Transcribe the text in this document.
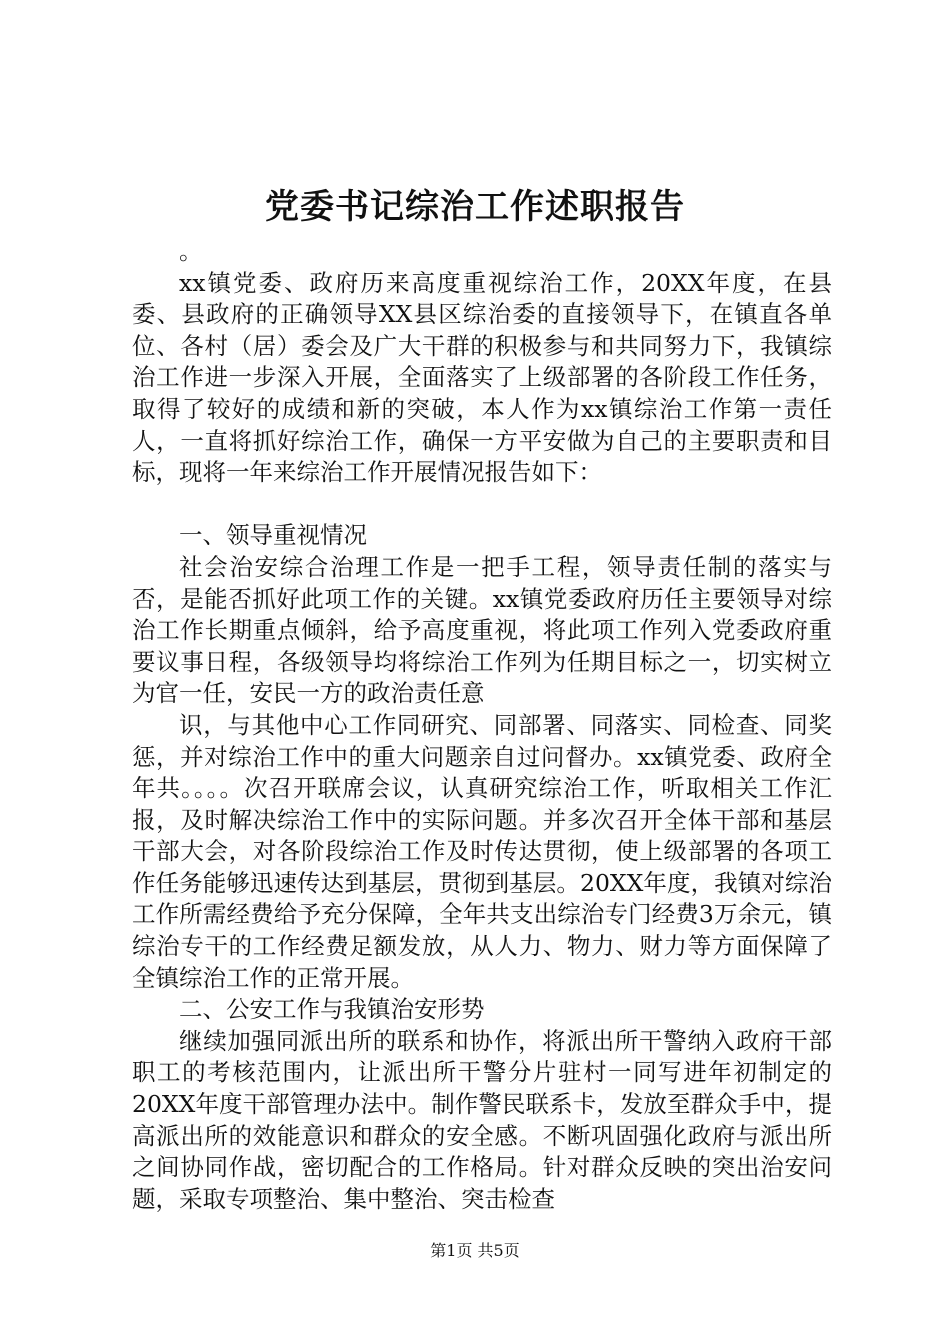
党委书记综治工作述职报告

。

xx镇党委、政府历来高度重视综治工作，20XX年度，在县委、县政府的正确领导XX县区综治委的直接领导下，在镇直各单位、各村（居）委会及广大干群的积极参与和共同努力下，我镇综治工作进一步深入开展，全面落实了上级部署的各阶段工作任务，取得了较好的成绩和新的突破，本人作为xx镇综治工作第一责任人，一直将抓好综治工作，确保一方平安做为自己的主要职责和目标，现将一年来综治工作开展情况报告如下：

一、领导重视情况

社会治安综合治理工作是一把手工程，领导责任制的落实与否，是能否抓好此项工作的关键。xx镇党委政府历任主要领导对综治工作长期重点倾斜，给予高度重视，将此项工作列入党委政府重要议事日程，各级领导均将综治工作列为任期目标之一，切实树立为官一任，安民一方的政治责任意

识，与其他中心工作同研究、同部署、同落实、同检查、同奖惩，并对综治工作中的重大问题亲自过问督办。xx镇党委、政府全年共。。。。次召开联席会议，认真研究综治工作，听取相关工作汇报，及时解决综治工作中的实际问题。并多次召开全体干部和基层干部大会，对各阶段综治工作及时传达贯彻，使上级部署的各项工作任务能够迅速传达到基层，贯彻到基层。20XX年度，我镇对综治工作所需经费给予充分保障，全年共支出综治专门经费3万余元，镇综治专干的工作经费足额发放，从人力、物力、财力等方面保障了全镇综治工作的正常开展。

二、公安工作与我镇治安形势

继续加强同派出所的联系和协作，将派出所干警纳入政府干部职工的考核范围内，让派出所干警分片驻村一同写进年初制定的20XX年度干部管理办法中。制作警民联系卡，发放至群众手中，提高派出所的效能意识和群众的安全感。不断巩固强化政府与派出所之间协同作战，密切配合的工作格局。针对群众反映的突出治安问题，采取专项整治、集中整治、突击检查

第1页 共5页
